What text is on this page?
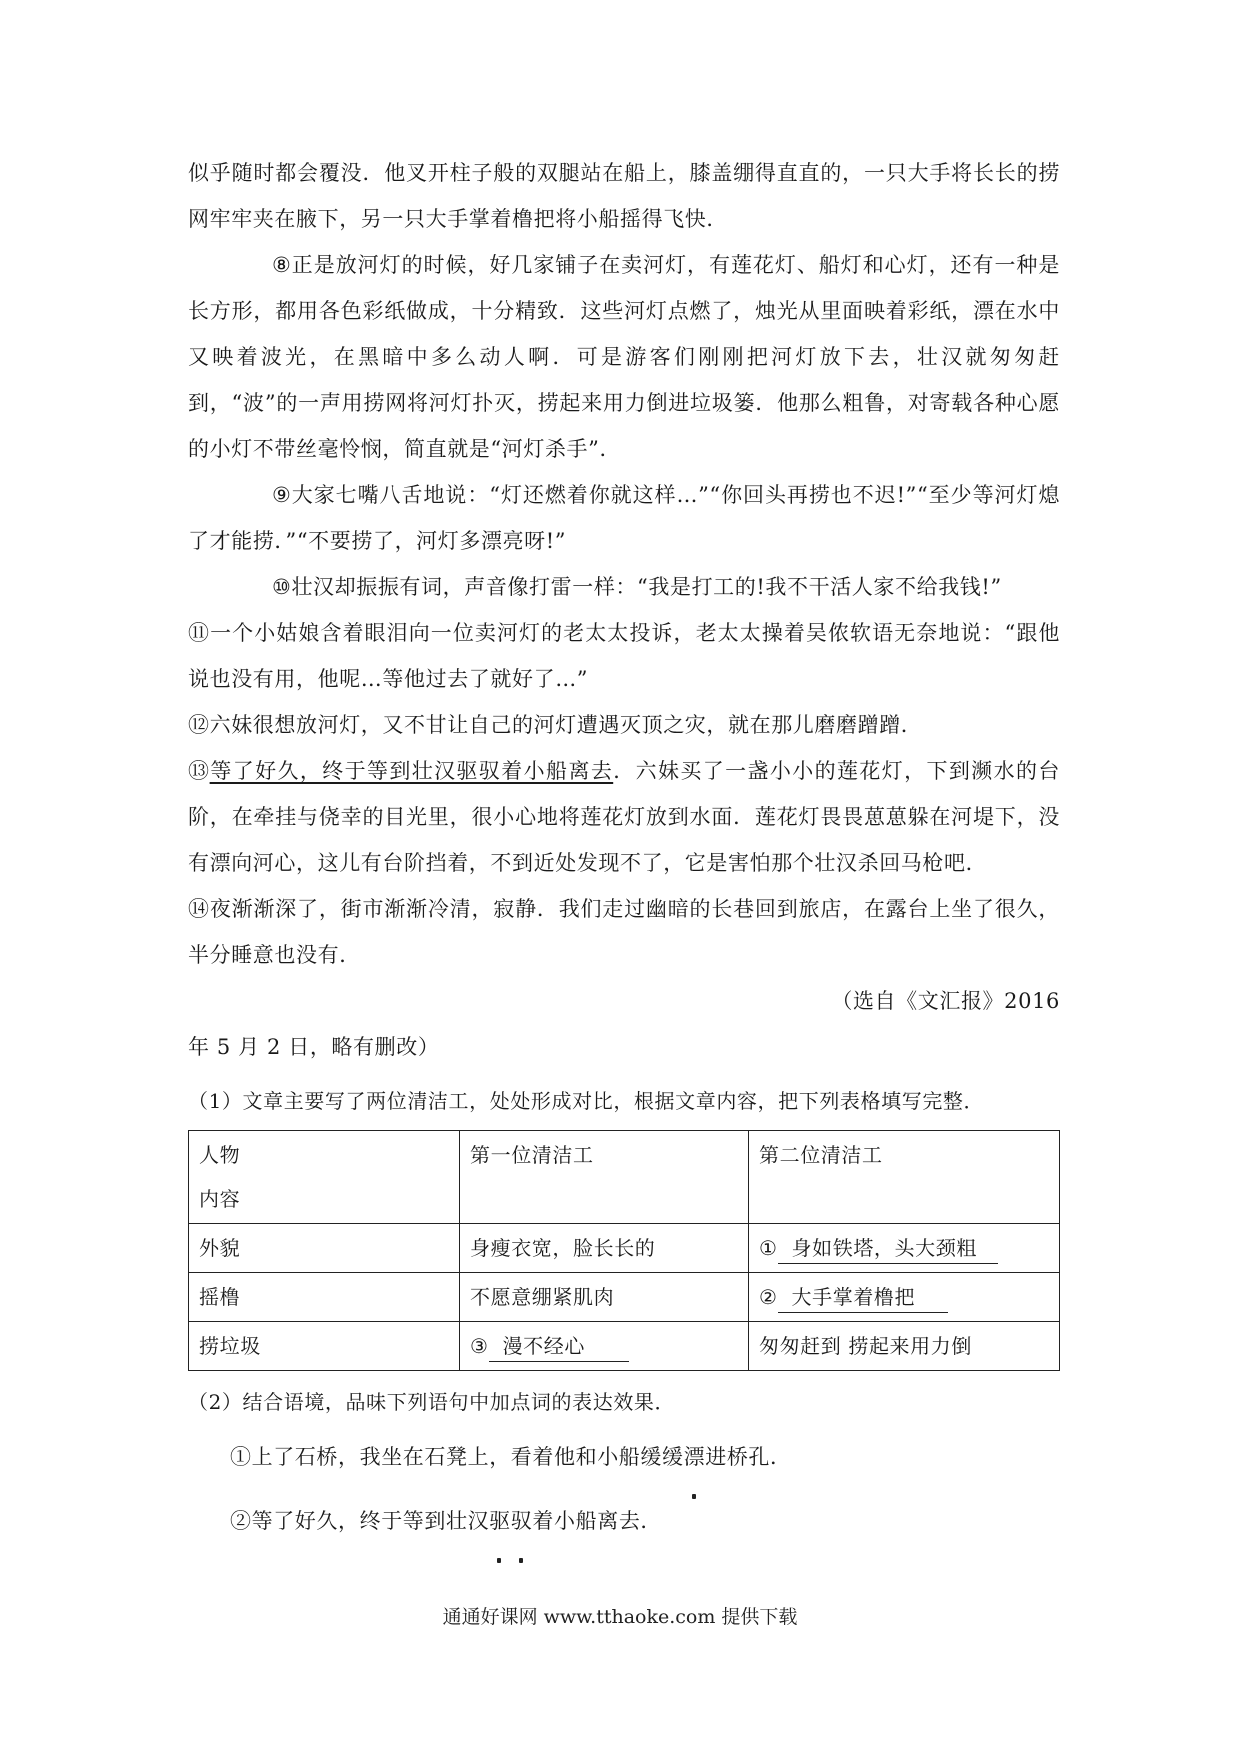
似乎随时都会覆没．他叉开柱子般的双腿站在船上，膝盖绷得直直的，一只大手将长长的捞网牢牢夹在腋下，另一只大手掌着橹把将小船摇得飞快．

⑧正是放河灯的时候，好几家铺子在卖河灯，有莲花灯、船灯和心灯，还有一种是长方形，都用各色彩纸做成，十分精致．这些河灯点燃了，烛光从里面映着彩纸，漂在水中又映着波光，在黑暗中多么动人啊．可是游客们刚刚把河灯放下去，壮汉就匆匆赶到，“波”的一声用捞网将河灯扑灭，捞起来用力倒进垃圾篓．他那么粗鲁，对寄载各种心愿的小灯不带丝毫怜悯，简直就是“河灯杀手”．

⑨大家七嘴八舌地说：“灯还燃着你就这样…”“你回头再捞也不迟!”“至少等河灯熄了才能捞．”“不要捞了，河灯多漂亮呀!”

⑩壮汉却振振有词，声音像打雷一样：“我是打工的!我不干活人家不给我钱!”

⑪一个小姑娘含着眼泪向一位卖河灯的老太太投诉，老太太操着吴侬软语无奈地说：“跟他说也没有用，他呢…等他过去了就好了…”

⑫六妹很想放河灯，又不甘让自己的河灯遭遇灭顶之灾，就在那儿磨磨蹭蹭．

⑬等了好久，终于等到壮汉驱驭着小船离去．六妹买了一盏小小的莲花灯，下到濒水的台阶，在牵挂与侥幸的目光里，很小心地将莲花灯放到水面．莲花灯畏畏葸葸躲在河堤下，没有漂向河心，这儿有台阶挡着，不到近处发现不了，它是害怕那个壮汉杀回马枪吧．

⑭夜渐渐深了，街市渐渐冷清，寂静．我们走过幽暗的长巷回到旅店，在露台上坐了很久，半分睡意也没有．

（选自《文汇报》2016

年 5 月 2 日，略有删改）

（1）文章主要写了两位清洁工，处处形成对比，根据文章内容，把下列表格填写完整．

人物
内容	第一位清洁工	第二位清洁工
外貌	身瘦衣宽，脸长长的	① 身如铁塔，头大颈粗
摇橹	不愿意绷紧肌肉	② 大手掌着橹把
捞垃圾	③ 漫不经心	匆匆赶到 捞起来用力倒

（2）结合语境，品味下列语句中加点词的表达效果．

①上了石桥，我坐在石凳上，看着他和小船缓缓漂
进桥孔．

②等了好久，终于等到壮汉驱驭
着小船离去．

通通好课网 www.tthaoke.com 提供下载
